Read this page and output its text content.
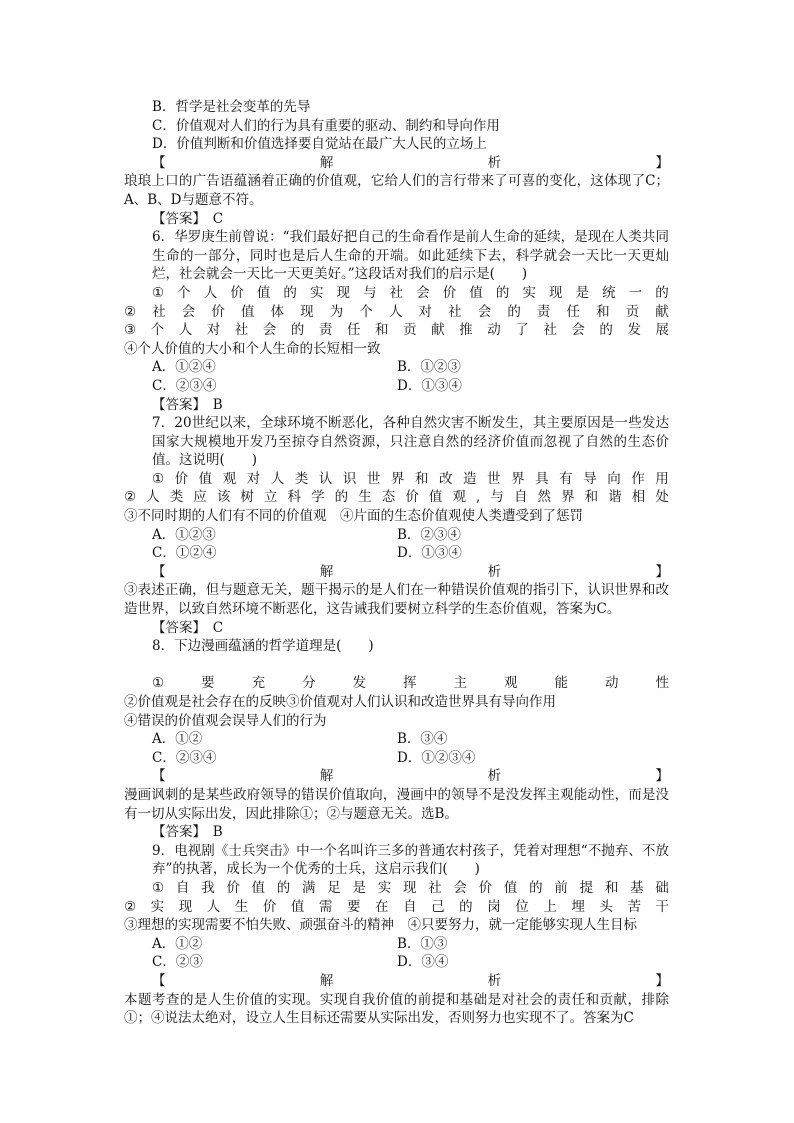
B．哲学是社会变革的先导
C．价值观对人们的行为具有重要的驱动、制约和导向作用
D．价值判断和价值选择要自觉站在最广大人民的立场上
【	解	析	】
琅琅上口的广告语蕴涵着正确的价值观，它给人们的言行带来了可喜的变化，这体现了C；A、B、D与题意不符。
【答案】　C
6．华罗庚生前曾说：“我们最好把自己的生命看作是前人生命的延续，是现在人类共同生命的一部分，同时也是后人生命的开端。如此延续下去，科学就会一天比一天更灿烂，社会就会一天比一天更美好。”这段话对我们的启示是(　　)
① 个 人 价 值 的 实 现 与 社 会 价 值 的 实 现 是 统 一 的
② 社 会 价 值 体 现 为 个 人 对 社 会 的 责 任 和 贡 献
③ 个 人 对 社 会 的 责 任 和 贡 献 推 动 了 社 会 的 发 展
④个人价值的大小和个人生命的长短相一致
A．①②④	B．①②③
C．②③④	D．①③④
【答案】　B
7．20世纪以来，全球环境不断恶化，各种自然灾害不断发生，其主要原因是一些发达国家大规模地开发乃至掠夺自然资源，只注意自然的经济价值而忽视了自然的生态价值。这说明(　　)
① 价 值 观 对 人 类 认 识 世 界 和 改 造 世 界 具 有 导 向 作 用
② 人 类 应 该 树 立 科 学 的 生 态 价 值 观 , 与 自 然 界 和 谐 相 处
③不同时期的人们有不同的价值观　④片面的生态价值观使人类遭受到了惩罚
A．①②③	B．②③④
C．①②④	D．①③④
【	解	析	】
③表述正确，但与题意无关，题干揭示的是人们在一种错误价值观的指引下，认识世界和改造世界，以致自然环境不断恶化，这告诫我们要树立科学的生态价值观，答案为C。
【答案】　C
8．下边漫画蕴涵的哲学道理是(　　)
①	要	充	分	发	挥	主	观	能	动	性
②价值观是社会存在的反映③价值观对人们认识和改造世界具有导向作用
④错误的价值观会误导人们的行为
A．①②	B．③④
C．②③④	D．①②③④
【	解	析	】
漫画讽刺的是某些政府领导的错误价值取向，漫画中的领导不是没发挥主观能动性，而是没有一切从实际出发，因此排除①；②与题意无关。选B。
【答案】　B
9．电视剧《士兵突击》中一个名叫许三多的普通农村孩子，凭着对理想“不抛弃、不放弃”的执著，成长为一个优秀的士兵，这启示我们(　　)
① 自 我 价 值 的 满 足 是 实 现 社 会 价 值 的 前 提 和 基 础
② 实 现 人 生 价 值 需 要 在 自 己 的 岗 位 上 埋 头 苦 干
③理想的实现需要不怕失败、顽强奋斗的精神　④只要努力，就一定能够实现人生目标
A．①②	B．①③
C．②③	D．③④
【	解	析	】
本题考查的是人生价值的实现。实现自我价值的前提和基础是对社会的责任和贡献，排除①；④说法太绝对，设立人生目标还需要从实际出发，否则努力也实现不了。答案为C
